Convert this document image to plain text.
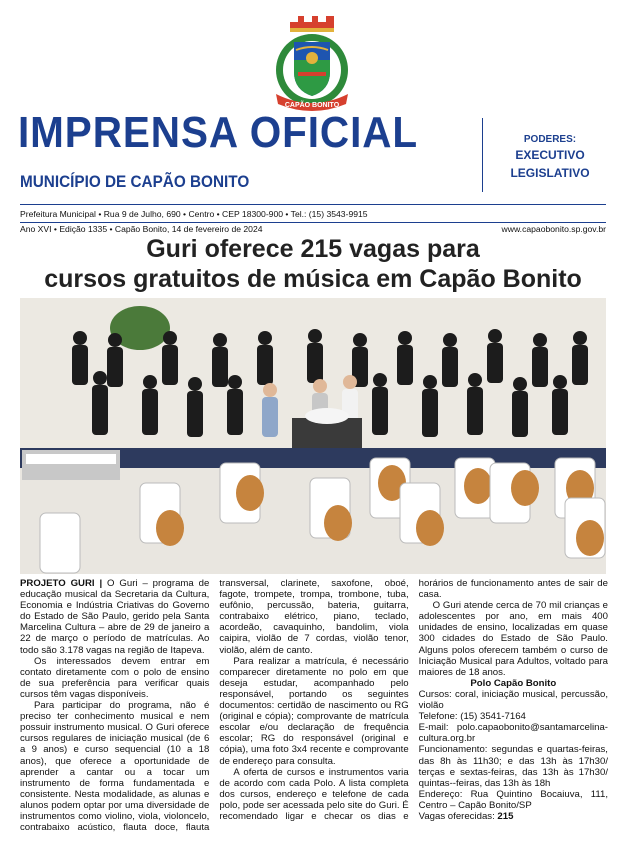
CAPÃO BONITO
IMPRENSA OFICIAL
MUNICÍPIO DE CAPÃO BONITO
PODERES:
EXECUTIVO
LEGISLATIVO
Prefeitura Municipal • Rua 9 de Julho, 690 • Centro • CEP 18300-900 • Tel.: (15) 3543-9915
Ano XVI • Edição 1335 • Capão Bonito, 14 de fevereiro de 2024	www.capaobonito.sp.gov.br
Guri oferece 215 vagas para
cursos gratuitos de música em Capão Bonito

PROJETO GURI | O Guri – programa de educação musical da Secretaria da Cultura, Economia e Indústria Criativas do Governo do Estado de São Paulo, gerido pela Santa Marcelina Cultura – abre de 29 de janeiro a 22 de março o período de matrículas. Ao todo são 3.178 vagas na região de Itapeva.

Os interessados devem entrar em contato diretamente com o polo de ensino de sua preferência para verificar quais cursos têm vagas disponíveis.

Para participar do programa, não é preciso ter conhecimento musical e nem possuir instrumento musical. O Guri oferece cursos regulares de iniciação musical (de 6 a 9 anos) e curso sequencial (10 a 18 anos), que oferece a oportunidade de aprender a cantar ou a tocar um instrumento de forma fundamentada e consistente. Nesta modalidade, as alunas e alunos podem optar por uma diversidade de instrumentos como violino, viola, violoncelo, contrabaixo acústico, flauta doce, flauta transversal, clarinete, saxofone, oboé, fagote, trompete, trompa, trombone, tuba, eufônio, percussão, bateria, guitarra, contrabaixo elétrico, piano, teclado, acordeão, cavaquinho, bandolim, viola caipira, violão de 7 cordas, violão tenor, violão, além de canto.

Para realizar a matrícula, é necessário comparecer diretamente no polo em que deseja estudar, acompanhado pelo responsável, portando os seguintes documentos: certidão de nascimento ou RG (original e cópia); comprovante de matrícula escolar e/ou declaração de frequência escolar; RG do responsável (original e cópia), uma foto 3x4 recente e comprovante de endereço para consulta.

A oferta de cursos e instrumentos varia de acordo com cada Polo. A lista completa dos cursos, endereço e telefone de cada polo, pode ser acessada pelo site do Guri. É recomendado ligar e checar os dias e horários de funcionamento antes de sair de casa.

O Guri atende cerca de 70 mil crianças e adolescentes por ano, em mais 400 unidades de ensino, localizadas em quase 300 cidades do Estado de São Paulo. Alguns polos oferecem também o curso de Iniciação Musical para Adultos, voltado para maiores de 18 anos.

Polo Capão Bonito

Cursos: coral, iniciação musical, percussão, violão

Telefone: (15) 3541-7164

E-mail: polo.capaobonito@santamarcelina-cultura.org.br

Funcionamento: segundas e quartas-feiras, das 8h às 11h30; e das 13h às 17h30/ terças e sextas-feiras, das 13h às 17h30/ quintas--feiras, das 13h às 18h

Endereço: Rua Quintino Bocaiuva, 111, Centro – Capão Bonito/SP

Vagas oferecidas: 215
